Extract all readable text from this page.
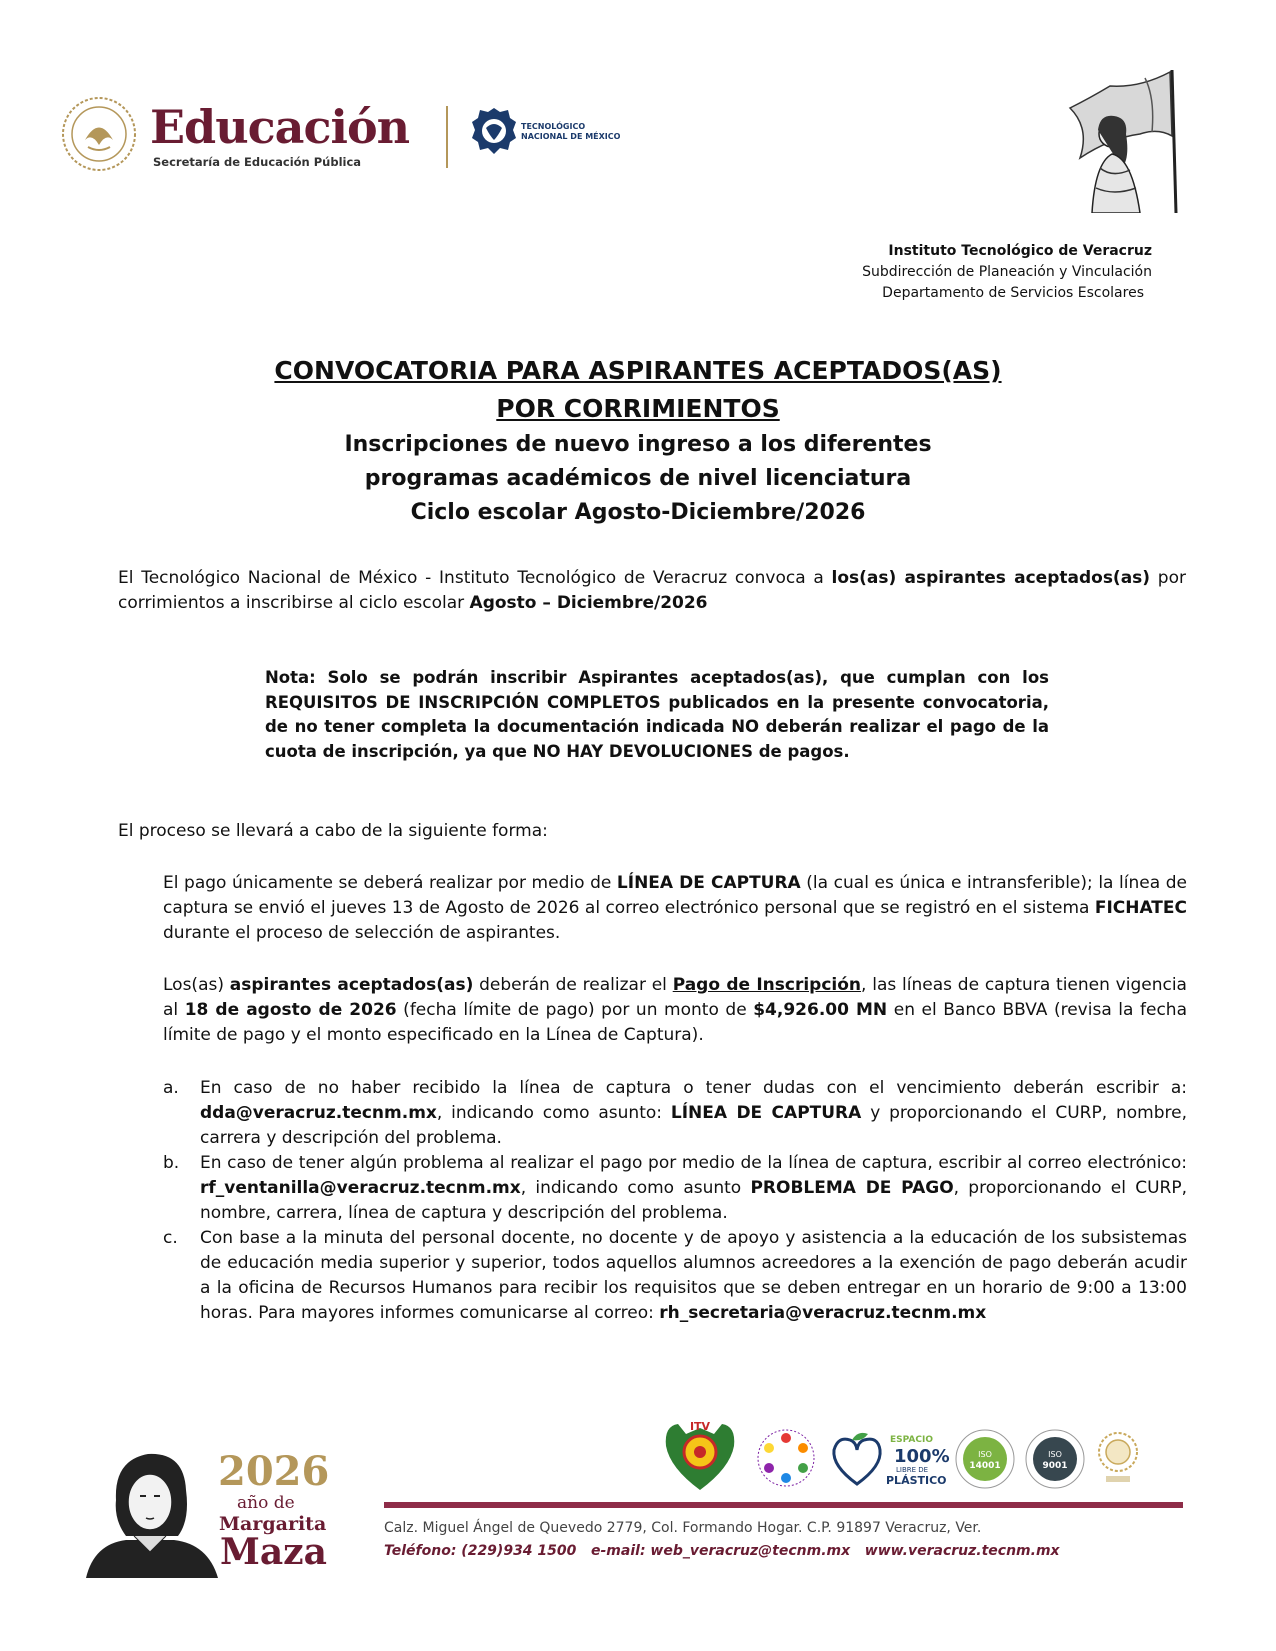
Educación
Secretaría de Educación Pública
TECNOLÓGICO
NACIONAL DE MÉXICO
Instituto Tecnológico de Veracruz
Subdirección de Planeación y Vinculación
Departamento de Servicios Escolares
CONVOCATORIA PARA ASPIRANTES ACEPTADOS(AS)
POR CORRIMIENTOS
Inscripciones de nuevo ingreso a los diferentes
programas académicos de nivel licenciatura
Ciclo escolar Agosto-Diciembre/2026
El Tecnológico Nacional de México - Instituto Tecnológico de Veracruz convoca a los(as) aspirantes aceptados(as) por corrimientos a inscribirse al ciclo escolar Agosto – Diciembre/2026
Nota: Solo se podrán inscribir Aspirantes aceptados(as), que cumplan con los REQUISITOS DE INSCRIPCIÓN COMPLETOS publicados en la presente convocatoria, de no tener completa la documentación indicada NO deberán realizar el pago de la cuota de inscripción, ya que NO HAY DEVOLUCIONES de pagos.
El proceso se llevará a cabo de la siguiente forma:
El pago únicamente se deberá realizar por medio de LÍNEA DE CAPTURA (la cual es única e intransferible); la línea de captura se envió el jueves 13 de Agosto de 2026 al correo electrónico personal que se registró en el sistema FICHATEC durante el proceso de selección de aspirantes.
Los(as) aspirantes aceptados(as) deberán de realizar el Pago de Inscripción, las líneas de captura tienen vigencia al 18 de agosto de 2026 (fecha límite de pago) por un monto de $4,926.00 MN en el Banco BBVA (revisa la fecha límite de pago y el monto especificado en la Línea de Captura).
a. En caso de no haber recibido la línea de captura o tener dudas con el vencimiento deberán escribir a: dda@veracruz.tecnm.mx, indicando como asunto: LÍNEA DE CAPTURA y proporcionando el CURP, nombre, carrera y descripción del problema.
b. En caso de tener algún problema al realizar el pago por medio de la línea de captura, escribir al correo electrónico: rf_ventanilla@veracruz.tecnm.mx, indicando como asunto PROBLEMA DE PAGO, proporcionando el CURP, nombre, carrera, línea de captura y descripción del problema.
c. Con base a la minuta del personal docente, no docente y de apoyo y asistencia a la educación de los subsistemas de educación media superior y superior, todos aquellos alumnos acreedores a la exención de pago deberán acudir a la oficina de Recursos Humanos para recibir los requisitos que se deben entregar en un horario de 9:00 a 13:00 horas. Para mayores informes comunicarse al correo: rh_secretaria@veracruz.tecnm.mx
2026
año de
Margarita
Maza
ITV
ESPACIO
100%
LIBRE DE
PLÁSTICO
ISO
14001
ISO
9001
Calz. Miguel Ángel de Quevedo 2779, Col. Formando Hogar. C.P. 91897 Veracruz, Ver.
Teléfono: (229)934 1500   e-mail: web_veracruz@tecnm.mx   www.veracruz.tecnm.mx
